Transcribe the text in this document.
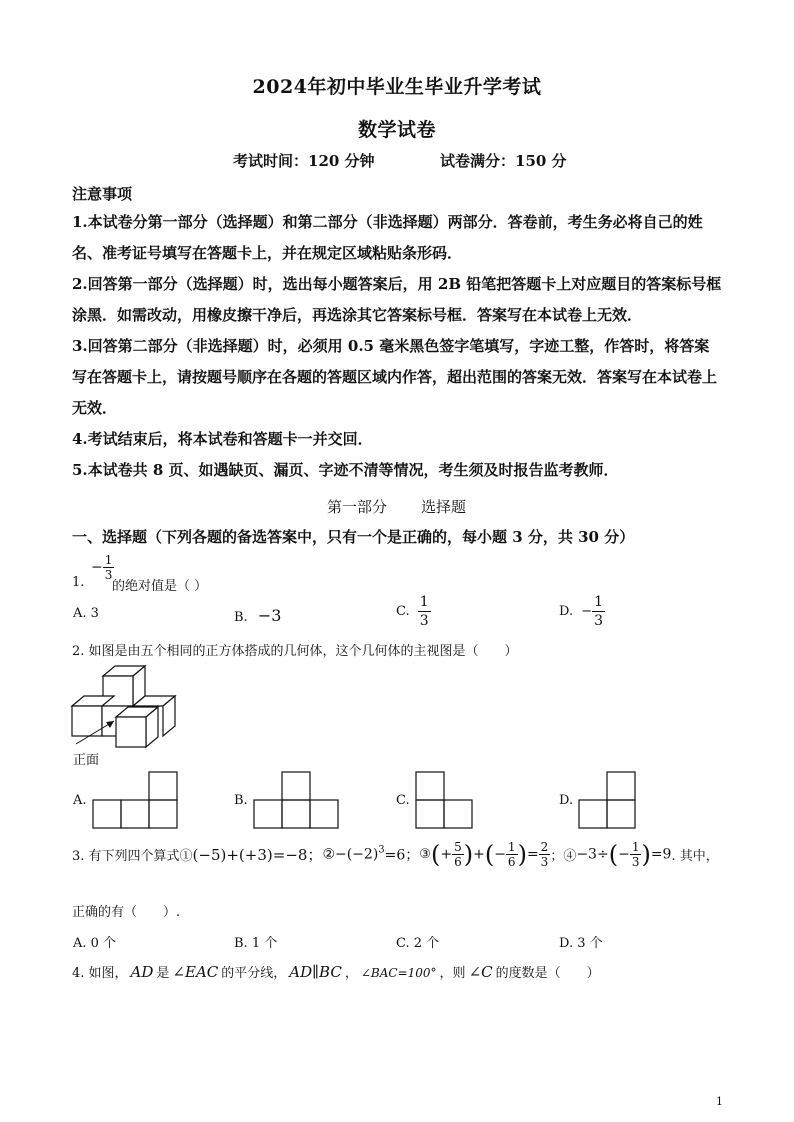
2024年初中毕业生毕业升学考试
数学试卷
考试时间：120 分钟	试卷满分：150 分
注意事项
1.本试卷分第一部分（选择题）和第二部分（非选择题）两部分．答卷前，考生务必将自己的姓名、准考证号填写在答题卡上，并在规定区域粘贴条形码．
2.回答第一部分（选择题）时，选出每小题答案后，用 2B 铅笔把答题卡上对应题目的答案标号框涂黑．如需改动，用橡皮擦干净后，再选涂其它答案标号框．答案写在本试卷上无效．
3.回答第二部分（非选择题）时，必须用 0.5 毫米黑色签字笔填写，字迹工整，作答时，将答案写在答题卡上，请按题号顺序在各题的答题区域内作答，超出范围的答案无效．答案写在本试卷上无效．
4.考试结束后，将本试卷和答题卡一并交回．
5.本试卷共 8 页、如遇缺页、漏页、字迹不清等情况，考生须及时报告监考教师．
第一部分 选择题
一、选择题（下列各题的备选答案中，只有一个是正确的，每小题 3 分，共 30 分）
1.
− $\frac{1}{3}$
的绝对值是（ ）
A. 3	B. −3	C. $\frac{1}{3}$	D. − $\frac{1}{3}$
2. 如图是由五个相同的正方体搭成的几何体，这个几何体的主视图是（　　）
正面
A.	B.	C.	D.
3. 有下列四个算式①(−5)+(+3)=−8；$②-(-2)^3=6$；③(+ $\frac{5}{6}$ )+(− $\frac{1}{6}$ )= $\frac{2}{3}$ ；④−3÷(− $\frac{1}{3} )=9$. 其中，
正确的有（　　）.
A. 0 个	B. 1 个	C. 2 个	D. 3 个
4. 如图， AD 是 ∠EAC 的平分线， AD∥BC ， ∠BAC=100° ，则 ∠C 的度数是（　　）
1
